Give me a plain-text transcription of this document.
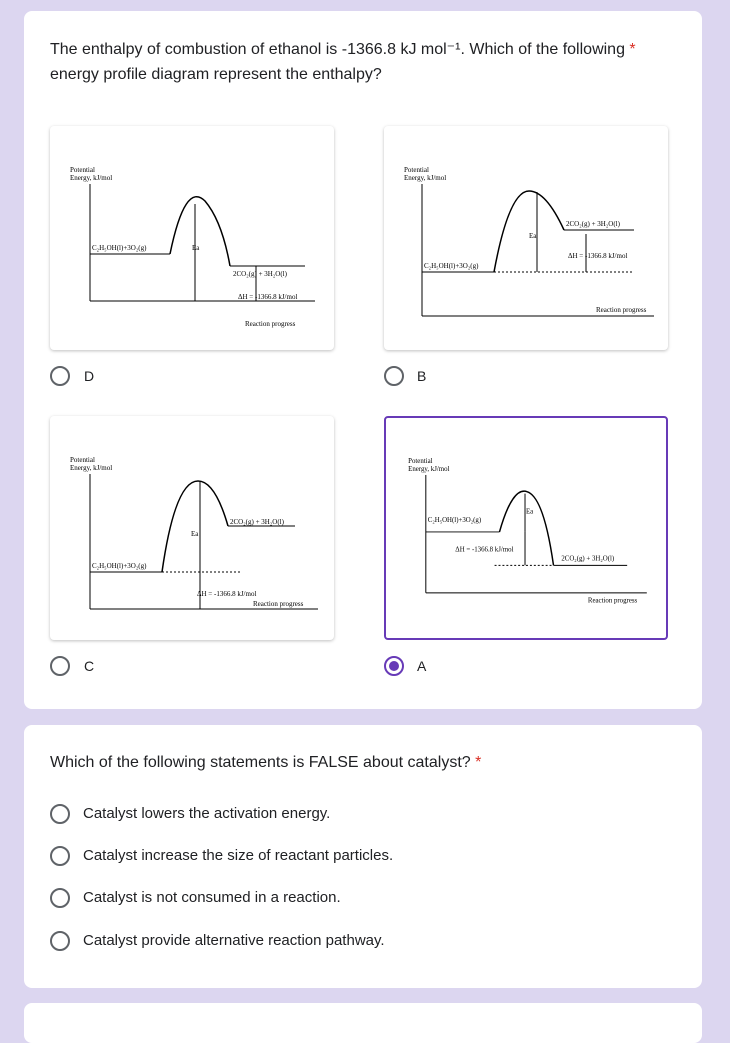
The enthalpy of combustion of ethanol is -1366.8 kJ mol⁻¹. Which of the following *
energy profile diagram represent the enthalpy?
Potential
Energy, kJ/mol
C₂H₅OH(l)+3O₂(g)	Ea
2CO₂(g) + 3H₂O(l)
ΔH = -1366.8 kJ/mol
Reaction progress
D
Potential
Energy, kJ/mol
C₂H₅OH(l)+3O₂(g)
Ea
2CO₂(g) + 3H₂O(l)
ΔH = -1366.8 kJ/mol
Reaction progress
B
Potential
Energy, kJ/mol
C₂H₅OH(l)+3O₂(g)
Ea
2CO₂(g) + 3H₂O(l)
ΔH = -1366.8 kJ/mol
Reaction progress
C
Potential
Energy, kJ/mol
C₂H₅OH(l)+3O₂(g)
Ea
2CO₂(g) + 3H₂O(l)
ΔH = -1366.8 kJ/mol
Reaction progress
A
Which of the following statements is FALSE about catalyst? *
Catalyst lowers the activation energy.
Catalyst increase the size of reactant particles.
Catalyst is not consumed in a reaction.
Catalyst provide alternative reaction pathway.
